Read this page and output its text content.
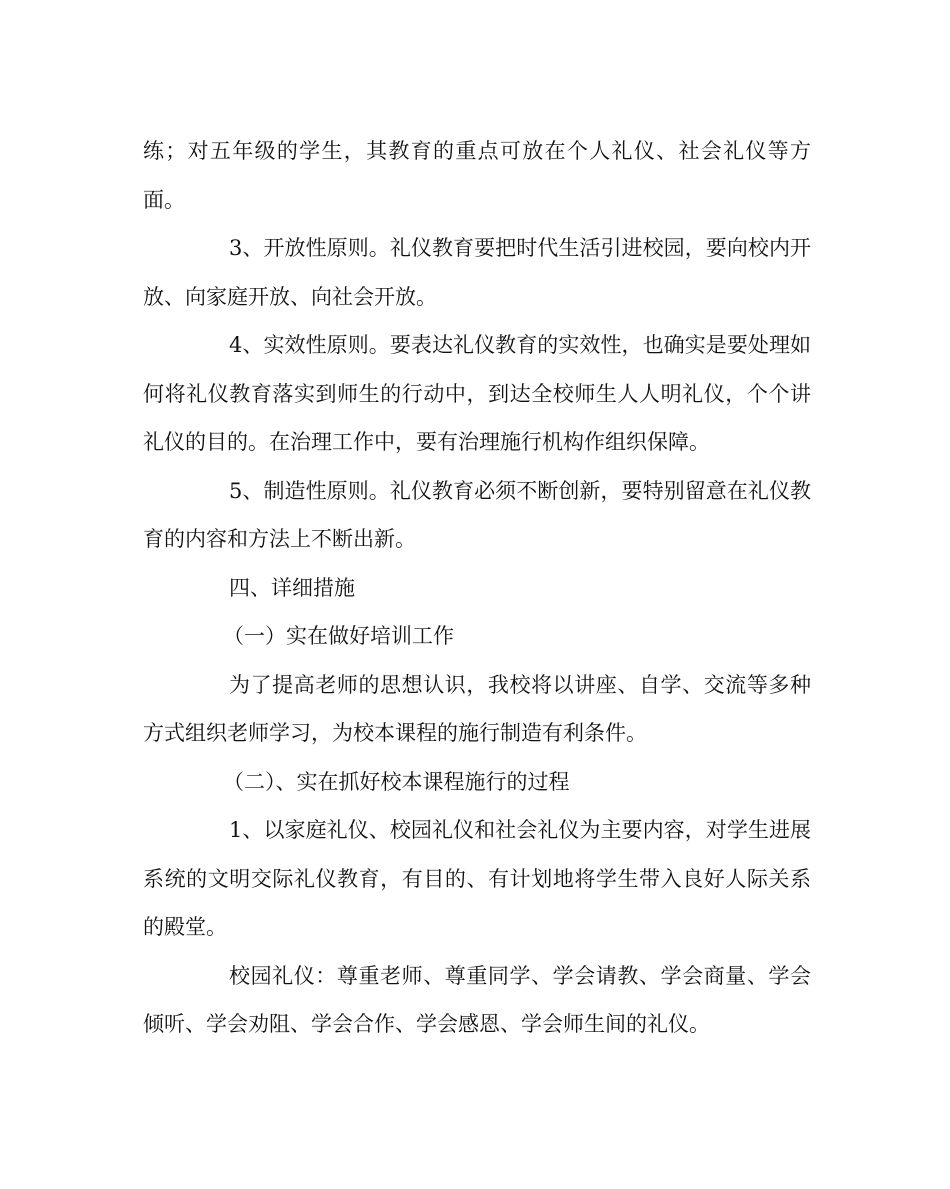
练；对五年级的学生，其教育的重点可放在个人礼仪、社会礼仪等方面。

3、开放性原则。礼仪教育要把时代生活引进校园，要向校内开放、向家庭开放、向社会开放。

4、实效性原则。要表达礼仪教育的实效性，也确实是要处理如何将礼仪教育落实到师生的行动中，到达全校师生人人明礼仪，个个讲礼仪的目的。在治理工作中，要有治理施行机构作组织保障。

5、制造性原则。礼仪教育必须不断创新，要特别留意在礼仪教育的内容和方法上不断出新。

四、详细措施

（一）实在做好培训工作

为了提高老师的思想认识，我校将以讲座、自学、交流等多种方式组织老师学习，为校本课程的施行制造有利条件。

（二）、实在抓好校本课程施行的过程

1、以家庭礼仪、校园礼仪和社会礼仪为主要内容，对学生进展系统的文明交际礼仪教育，有目的、有计划地将学生带入良好人际关系的殿堂。

校园礼仪：尊重老师、尊重同学、学会请教、学会商量、学会倾听、学会劝阻、学会合作、学会感恩、学会师生间的礼仪。
